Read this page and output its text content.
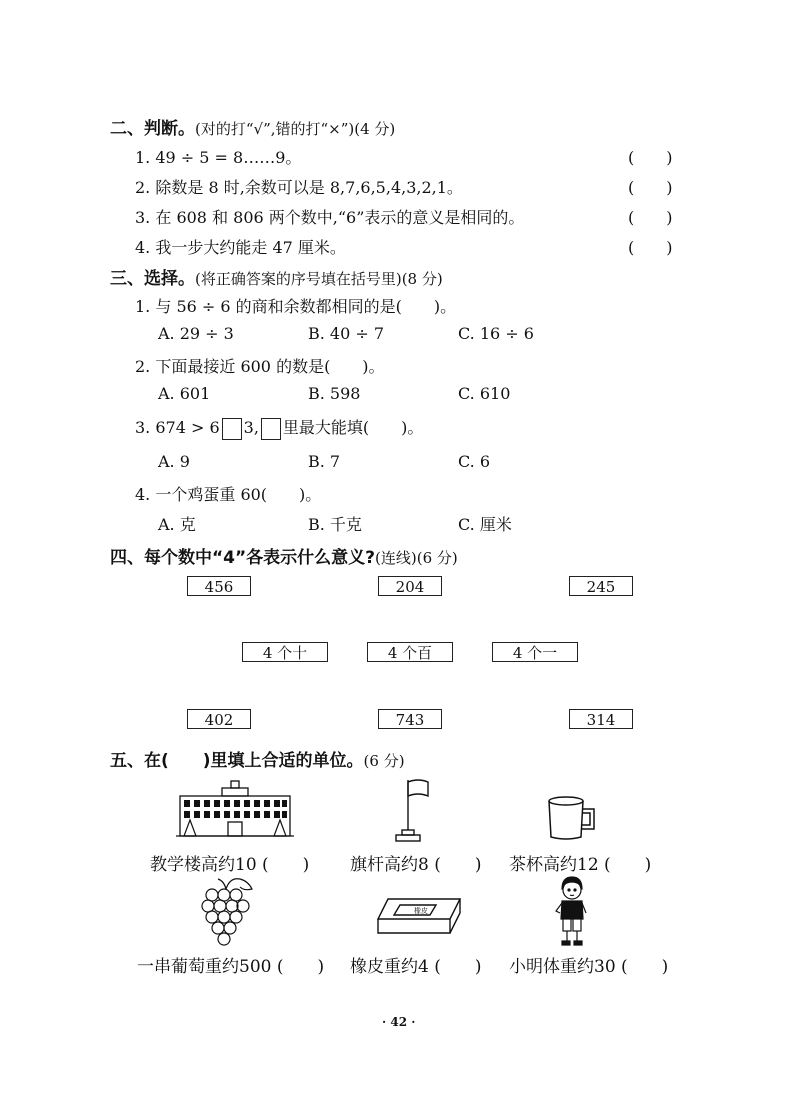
二、判断。(对的打“√”,错的打“×”)(4 分)
1. 49 ÷ 5 = 8……9。	(　　)
2. 除数是 8 时,余数可以是 8,7,6,5,4,3,2,1。	(　　)
3. 在 608 和 806 两个数中,“6”表示的意义是相同的。	(　　)
4. 我一步大约能走 47 厘米。	(　　)
三、选择。(将正确答案的序号填在括号里)(8 分)
1. 与 56 ÷ 6 的商和余数都相同的是(　　)。
A. 29 ÷ 3	B. 40 ÷ 7	C. 16 ÷ 6
2. 下面最接近 600 的数是(　　)。
A. 601	B. 598	C. 610
3. 674 > 6 3, 里最大能填(　　)。
A. 9	B. 7	C. 6
4. 一个鸡蛋重 60(　　)。
A. 克	B. 千克	C. 厘米
四、每个数中“4”各表示什么意义?(连线)(6 分)
456	204	245
4 个十	4 个百	4 个一
402	743	314
五、在(　　)里填上合适的单位。(6 分)
橡皮
教学楼高约10 (　　) 旗杆高约8 (　　) 茶杯高约12 (　　)
一串葡萄重约500 (　　) 橡皮重约4 (　　) 小明体重约30 (　　)
· 42 ·
